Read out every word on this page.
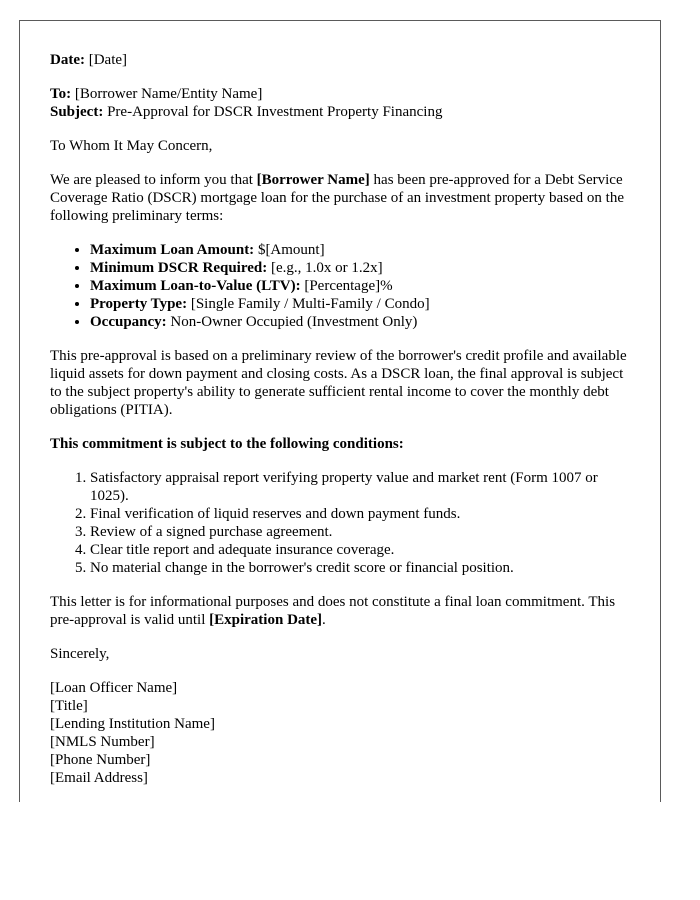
Date: [Date]

To: [Borrower Name/Entity Name]

Subject: Pre-Approval for DSCR Investment Property Financing

To Whom It May Concern,

We are pleased to inform you that [Borrower Name] has been pre-approved for a Debt Service Coverage Ratio (DSCR) mortgage loan for the purchase of an investment property based on the following preliminary terms:

• Maximum Loan Amount: $[Amount]
• Minimum DSCR Required: [e.g., 1.0x or 1.2x]
• Maximum Loan-to-Value (LTV): [Percentage]%
• Property Type: [Single Family / Multi-Family / Condo]
• Occupancy: Non-Owner Occupied (Investment Only)

This pre-approval is based on a preliminary review of the borrower's credit profile and available liquid assets for down payment and closing costs. As a DSCR loan, the final approval is subject to the subject property's ability to generate sufficient rental income to cover the monthly debt obligations (PITIA).

This commitment is subject to the following conditions:

1. Satisfactory appraisal report verifying property value and market rent (Form 1007 or 1025).
2. Final verification of liquid reserves and down payment funds.
3. Review of a signed purchase agreement.
4. Clear title report and adequate insurance coverage.
5. No material change in the borrower's credit score or financial position.

This letter is for informational purposes and does not constitute a final loan commitment. This pre-approval is valid until [Expiration Date].

Sincerely,

[Loan Officer Name]
[Title]
[Lending Institution Name]
[NMLS Number]
[Phone Number]
[Email Address]
